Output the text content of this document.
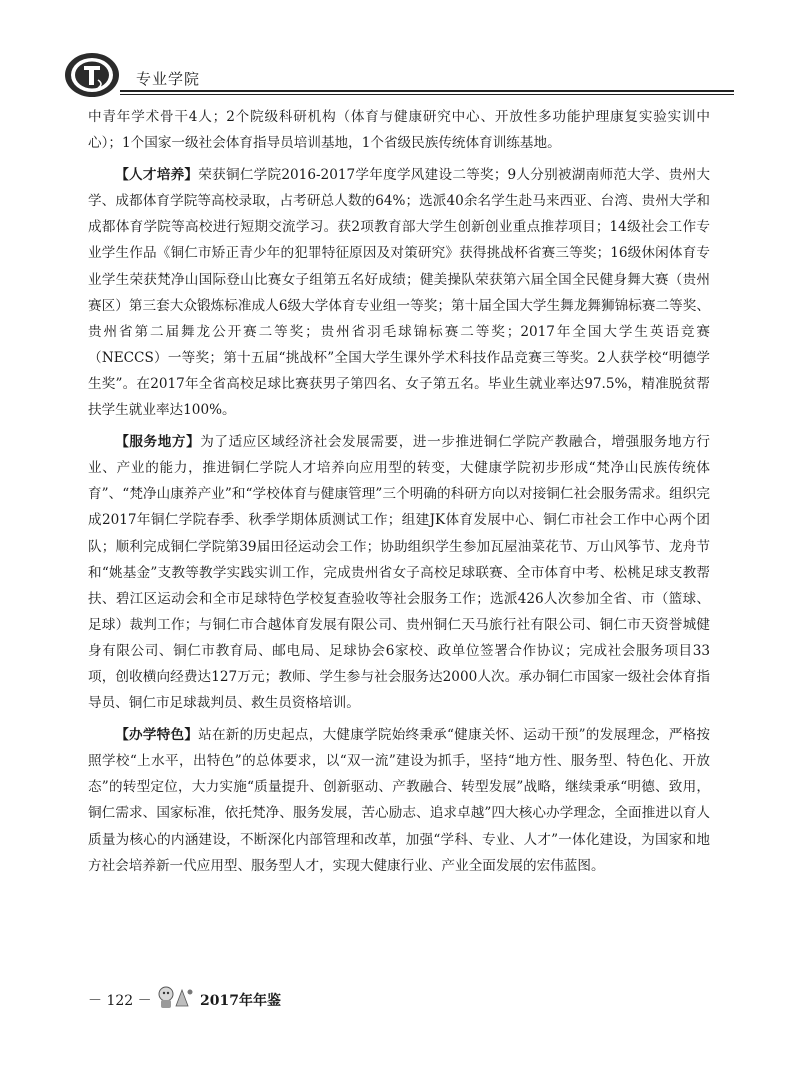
专业学院

中青年学术骨干4人；2个院级科研机构（体育与健康研究中心、开放性多功能护理康复实验实训中心）；1个国家一级社会体育指导员培训基地，1个省级民族传统体育训练基地。

【人才培养】荣获铜仁学院2016-2017学年度学风建设二等奖；9人分别被湖南师范大学、贵州大学、成都体育学院等高校录取，占考研总人数的64%；选派40余名学生赴马来西亚、台湾、贵州大学和成都体育学院等高校进行短期交流学习。获2项教育部大学生创新创业重点推荐项目；14级社会工作专业学生作品《铜仁市矫正青少年的犯罪特征原因及对策研究》获得挑战杯省赛三等奖；16级休闲体育专业学生荣获梵净山国际登山比赛女子组第五名好成绩；健美操队荣获第六届全国全民健身舞大赛（贵州赛区）第三套大众锻炼标准成人6级大学体育专业组一等奖；第十届全国大学生舞龙舞狮锦标赛二等奖、贵州省第二届舞龙公开赛二等奖；贵州省羽毛球锦标赛二等奖；2017年全国大学生英语竞赛（NECCS）一等奖；第十五届“挑战杯”全国大学生课外学术科技作品竞赛三等奖。2人获学校“明德学生奖”。在2017年全省高校足球比赛获男子第四名、女子第五名。毕业生就业率达97.5%，精准脱贫帮扶学生就业率达100%。

【服务地方】为了适应区域经济社会发展需要，进一步推进铜仁学院产教融合，增强服务地方行业、产业的能力，推进铜仁学院人才培养向应用型的转变，大健康学院初步形成“梵净山民族传统体育”、“梵净山康养产业”和“学校体育与健康管理”三个明确的科研方向以对接铜仁社会服务需求。组织完成2017年铜仁学院春季、秋季学期体质测试工作；组建JK体育发展中心、铜仁市社会工作中心两个团队；顺利完成铜仁学院第39届田径运动会工作；协助组织学生参加瓦屋油菜花节、万山风筝节、龙舟节和“姚基金”支教等教学实践实训工作，完成贵州省女子高校足球联赛、全市体育中考、松桃足球支教帮扶、碧江区运动会和全市足球特色学校复查验收等社会服务工作；选派426人次参加全省、市（篮球、足球）裁判工作；与铜仁市合越体育发展有限公司、贵州铜仁天马旅行社有限公司、铜仁市天资誉城健身有限公司、铜仁市教育局、邮电局、足球协会6家校、政单位签署合作协议；完成社会服务项目33项，创收横向经费达127万元；教师、学生参与社会服务达2000人次。承办铜仁市国家一级社会体育指导员、铜仁市足球裁判员、救生员资格培训。

【办学特色】站在新的历史起点，大健康学院始终秉承“健康关怀、运动干预”的发展理念，严格按照学校“上水平，出特色”的总体要求，以“双一流”建设为抓手，坚持“地方性、服务型、特色化、开放态”的转型定位，大力实施“质量提升、创新驱动、产教融合、转型发展”战略，继续秉承“明德、致用，铜仁需求、国家标准，依托梵净、服务发展，苦心励志、追求卓越”四大核心办学理念，全面推进以育人质量为核心的内涵建设，不断深化内部管理和改革，加强“学科、专业、人才”一体化建设，为国家和地方社会培养新一代应用型、服务型人才，实现大健康行业、产业全面发展的宏伟蓝图。

－ 122 －	2017年年鉴
